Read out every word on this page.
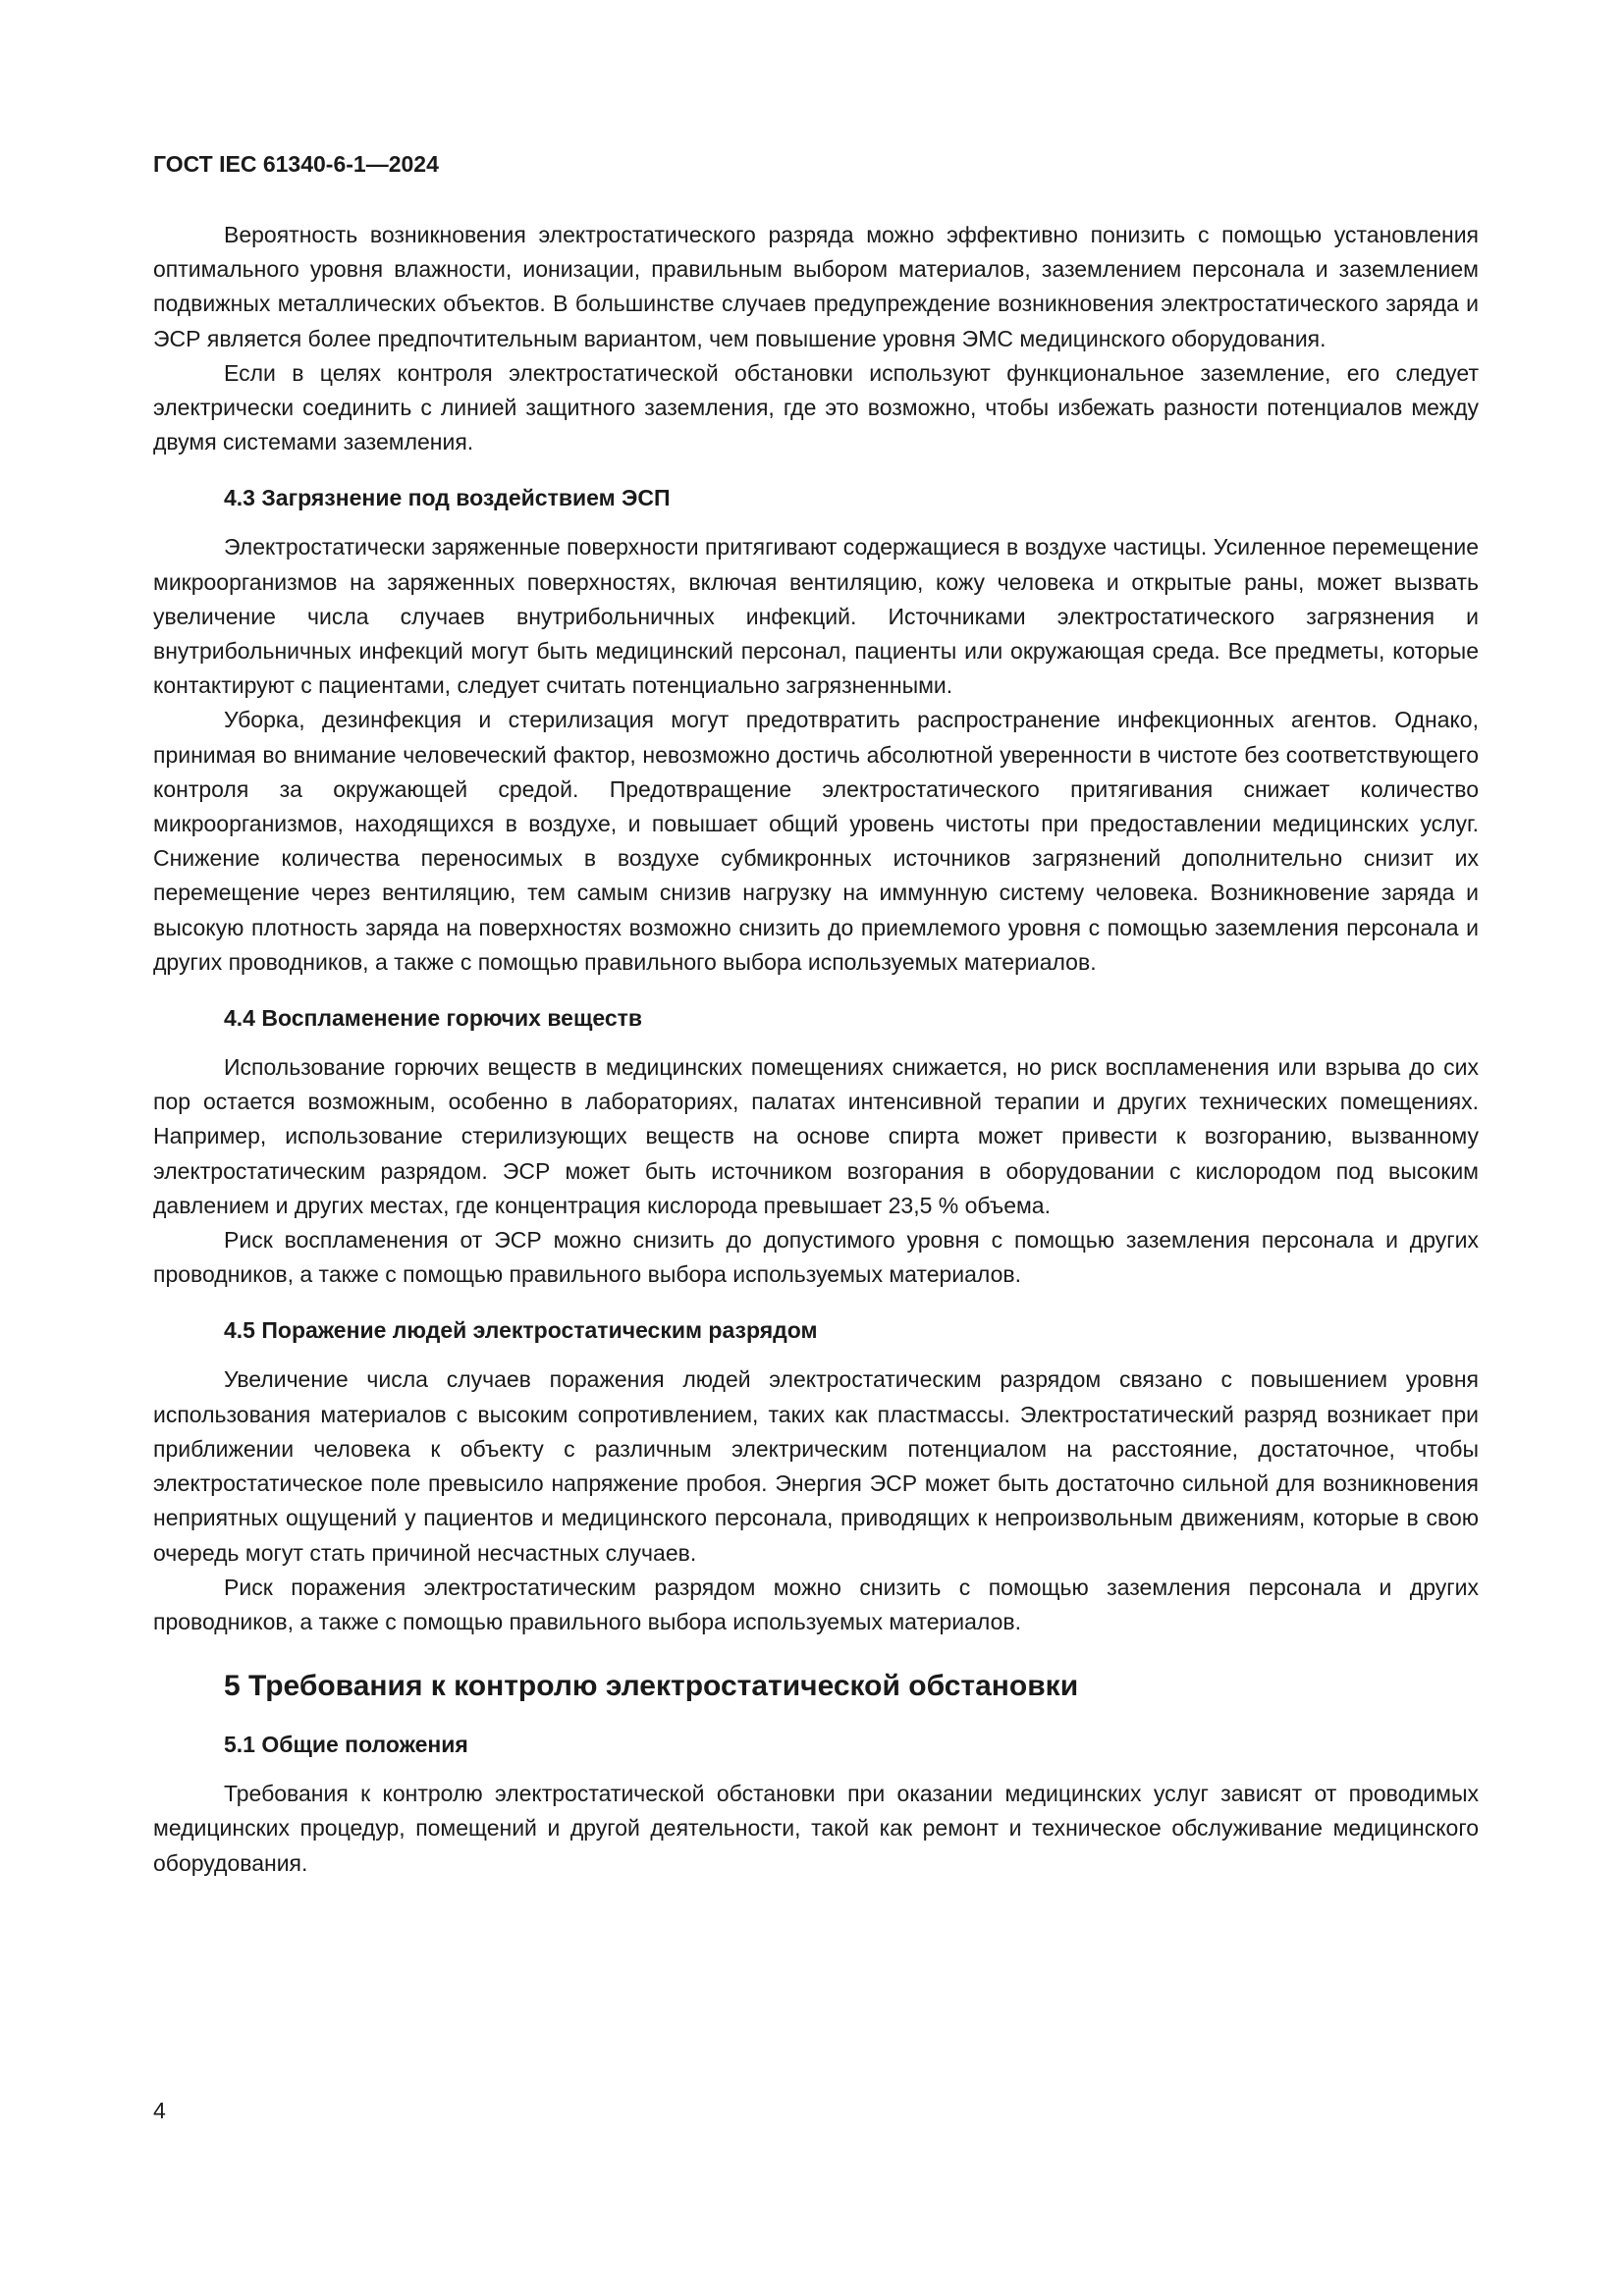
ГОСТ IEC 61340-6-1—2024

Вероятность возникновения электростатического разряда можно эффективно понизить с помощью установления оптимального уровня влажности, ионизации, правильным выбором материалов, заземлением персонала и заземлением подвижных металлических объектов. В большинстве случаев предупреждение возникновения электростатического заряда и ЭСР является более предпочтительным вариантом, чем повышение уровня ЭМС медицинского оборудования.

Если в целях контроля электростатической обстановки используют функциональное заземление, его следует электрически соединить с линией защитного заземления, где это возможно, чтобы избежать разности потенциалов между двумя системами заземления.

4.3 Загрязнение под воздействием ЭСП

Электростатически заряженные поверхности притягивают содержащиеся в воздухе частицы. Усиленное перемещение микроорганизмов на заряженных поверхностях, включая вентиляцию, кожу человека и открытые раны, может вызвать увеличение числа случаев внутрибольничных инфекций. Источниками электростатического загрязнения и внутрибольничных инфекций могут быть медицинский персонал, пациенты или окружающая среда. Все предметы, которые контактируют с пациентами, следует считать потенциально загрязненными.

Уборка, дезинфекция и стерилизация могут предотвратить распространение инфекционных агентов. Однако, принимая во внимание человеческий фактор, невозможно достичь абсолютной уверенности в чистоте без соответствующего контроля за окружающей средой. Предотвращение электростатического притягивания снижает количество микроорганизмов, находящихся в воздухе, и повышает общий уровень чистоты при предоставлении медицинских услуг. Снижение количества переносимых в воздухе субмикронных источников загрязнений дополнительно снизит их перемещение через вентиляцию, тем самым снизив нагрузку на иммунную систему человека. Возникновение заряда и высокую плотность заряда на поверхностях возможно снизить до приемлемого уровня с помощью заземления персонала и других проводников, а также с помощью правильного выбора используемых материалов.

4.4 Воспламенение горючих веществ

Использование горючих веществ в медицинских помещениях снижается, но риск воспламенения или взрыва до сих пор остается возможным, особенно в лабораториях, палатах интенсивной терапии и других технических помещениях. Например, использование стерилизующих веществ на основе спирта может привести к возгоранию, вызванному электростатическим разрядом. ЭСР может быть источником возгорания в оборудовании с кислородом под высоким давлением и других местах, где концентрация кислорода превышает 23,5 % объема.

Риск воспламенения от ЭСР можно снизить до допустимого уровня с помощью заземления персонала и других проводников, а также с помощью правильного выбора используемых материалов.

4.5 Поражение людей электростатическим разрядом

Увеличение числа случаев поражения людей электростатическим разрядом связано с повышением уровня использования материалов с высоким сопротивлением, таких как пластмассы. Электростатический разряд возникает при приближении человека к объекту с различным электрическим потенциалом на расстояние, достаточное, чтобы электростатическое поле превысило напряжение пробоя. Энергия ЭСР может быть достаточно сильной для возникновения неприятных ощущений у пациентов и медицинского персонала, приводящих к непроизвольным движениям, которые в свою очередь могут стать причиной несчастных случаев.

Риск поражения электростатическим разрядом можно снизить с помощью заземления персонала и других проводников, а также с помощью правильного выбора используемых материалов.

5 Требования к контролю электростатической обстановки
5.1 Общие положения

Требования к контролю электростатической обстановки при оказании медицинских услуг зависят от проводимых медицинских процедур, помещений и другой деятельности, такой как ремонт и техническое обслуживание медицинского оборудования.

4
